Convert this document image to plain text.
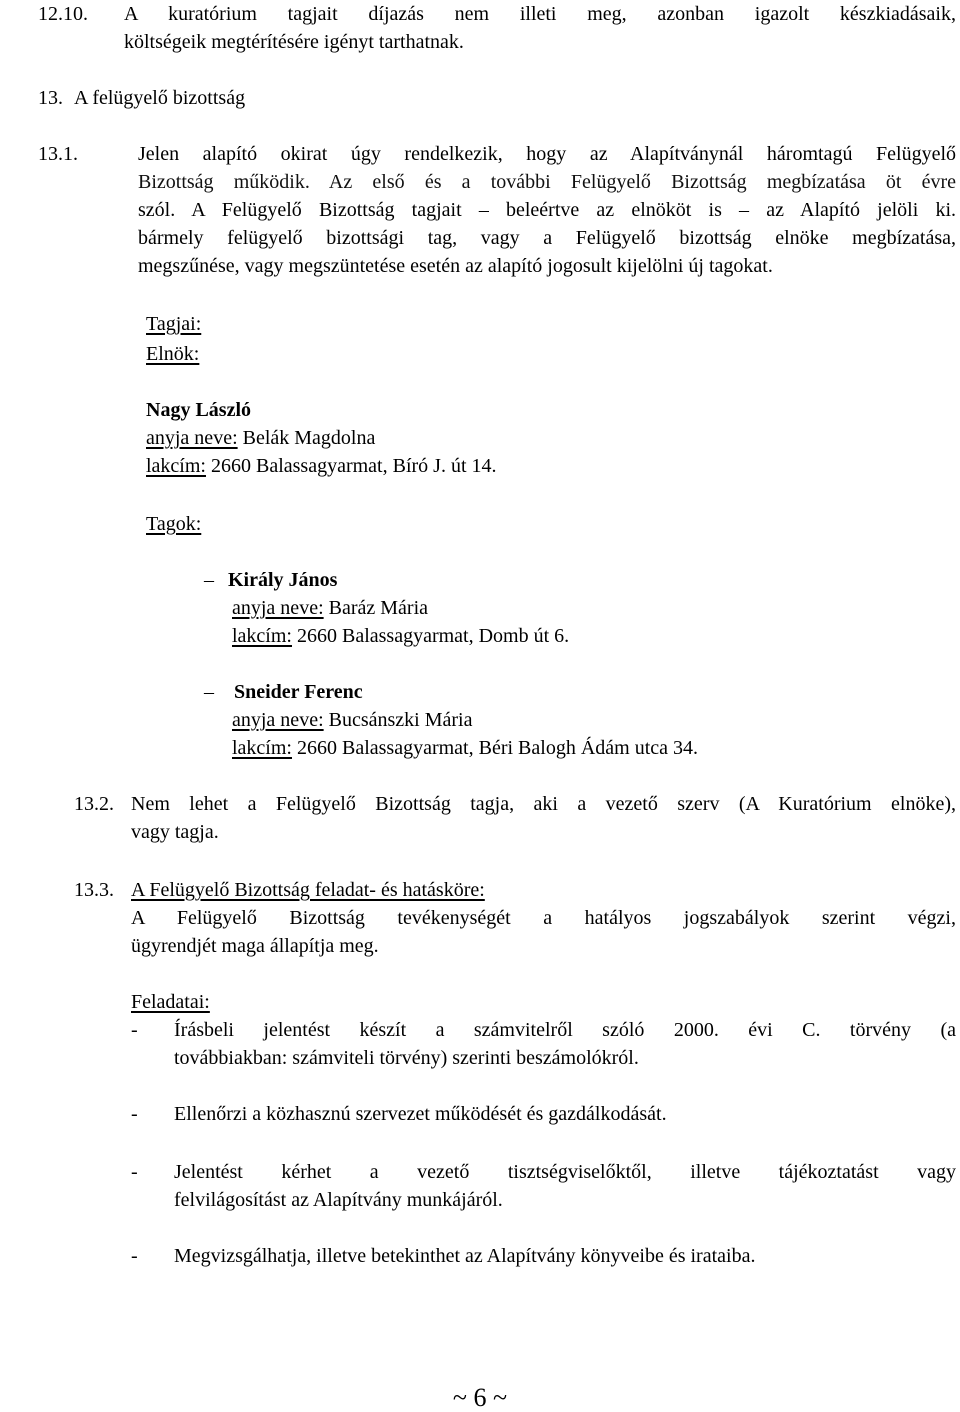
12.10. A kuratórium tagjait díjazás nem illeti meg, azonban igazolt készkiadásaik,
költségeik megtérítésére igényt tarthatnak.
13. A felügyelő bizottság
13.1.	Jelen alapító okirat úgy rendelkezik, hogy az Alapítványnál háromtagú Felügyelő
Bizottság működik. Az első és a további Felügyelő Bizottság megbízatása öt évre
szól. A Felügyelő Bizottság tagjait – beleértve az elnököt is – az Alapító jelöli ki.
bármely felügyelő bizottsági tag, vagy a Felügyelő bizottság elnöke megbízatása,
megszűnése, vagy megszüntetése esetén az alapító jogosult kijelölni új tagokat.
Tagjai:
Elnök:
Nagy László
anyja neve: Belák Magdolna
lakcím: 2660 Balassagyarmat, Bíró J. út 14.
Tagok:
– Király János
anyja neve: Baráz Mária
lakcím: 2660 Balassagyarmat, Domb út 6.
– Sneider Ferenc
anyja neve: Bucsánszki Mária
lakcím: 2660 Balassagyarmat, Béri Balogh Ádám utca 34.
13.2. Nem lehet a Felügyelő Bizottság tagja, aki a vezető szerv (A Kuratórium elnöke),
vagy tagja.
13.3. A Felügyelő Bizottság feladat- és hatásköre:
A Felügyelő Bizottság tevékenységét a hatályos jogszabályok szerint végzi,
ügyrendjét maga állapítja meg.
Feladatai:
- Írásbeli jelentést készít a számvitelről szóló 2000. évi C. törvény (a
továbbiakban: számviteli törvény) szerinti beszámolókról.
- Ellenőrzi a közhasznú szervezet működését és gazdálkodását.
- Jelentést kérhet a vezető tisztségviselőktől, illetve tájékoztatást vagy
felvilágosítást az Alapítvány munkájáról.
- Megvizsgálhatja, illetve betekinthet az Alapítvány könyveibe és irataiba.
~ 6 ~
